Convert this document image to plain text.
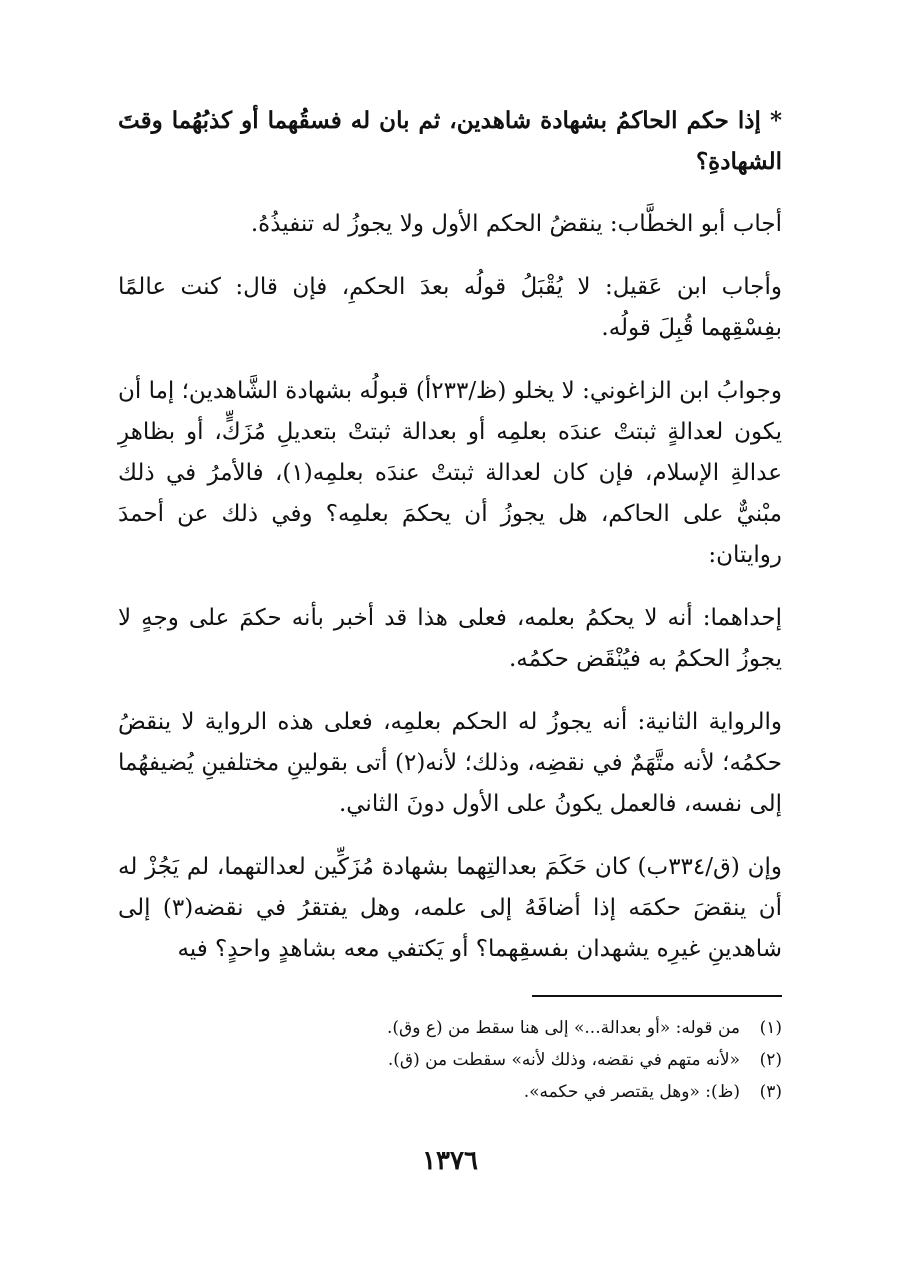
* إذا حكم الحاكمُ بشهادة شاهدين، ثم بان له فسقُهما أو كذبُهُما وقتَ الشهادةِ؟

أجاب أبو الخطَّاب: ينقضُ الحكم الأول ولا يجوزُ له تنفيذُهُ.

وأجاب ابن عَقيل: لا يُقْبَلُ قولُه بعدَ الحكمِ، فإن قال: كنت عالمًا بفِسْقِهما قُبِلَ قولُه.

وجوابُ ابن الزاغوني: لا يخلو (ظ/٢٣٣أ) قبولُه بشهادة الشَّاهدين؛ إما أن يكون لعدالةٍ ثبتتْ عندَه بعلمِه أو بعدالة ثبتتْ بتعديلِ مُزَكٍّ، أو بظاهرِ عدالةِ الإسلام، فإن كان لعدالة ثبتتْ عندَه بعلمِه(١)، فالأمرُ في ذلك مبْنيٌّ على الحاكم، هل يجوزُ أن يحكمَ بعلمِه؟ وفي ذلك عن أحمدَ روايتان:

إحداهما: أنه لا يحكمُ بعلمه، فعلى هذا قد أخبر بأنه حكمَ على وجهٍ لا يجوزُ الحكمُ به فيُنْقَض حكمُه.

والرواية الثانية: أنه يجوزُ له الحكم بعلمِه، فعلى هذه الرواية لا ينقضُ حكمُه؛ لأنه متَّهَمٌ في نقضِه، وذلك؛ لأنه(٢) أتى بقولينِ مختلفينِ يُضيفهُما إلى نفسه، فالعمل يكونُ على الأول دونَ الثاني.

وإن (ق/٣٣٤ب) كان حَكَمَ بعدالتِهما بشهادة مُزَكِّين لعدالتهما، لم يَجُزْ له أن ينقضَ حكمَه إذا أضافَهُ إلى علمه، وهل يفتقرُ في نقضه(٣) إلى شاهدينِ غيرِه يشهدان بفسقِهما؟ أو يَكتفي معه بشاهدٍ واحدٍ؟ فيه

(١)من قوله: «أو بعدالة...» إلى هنا سقط من (ع وق).
(٢)«لأنه متهم في نقضه، وذلك لأنه» سقطت من (ق).
(٣)(ظ): «وهل يقتصر في حكمه».
١٣٧٦
